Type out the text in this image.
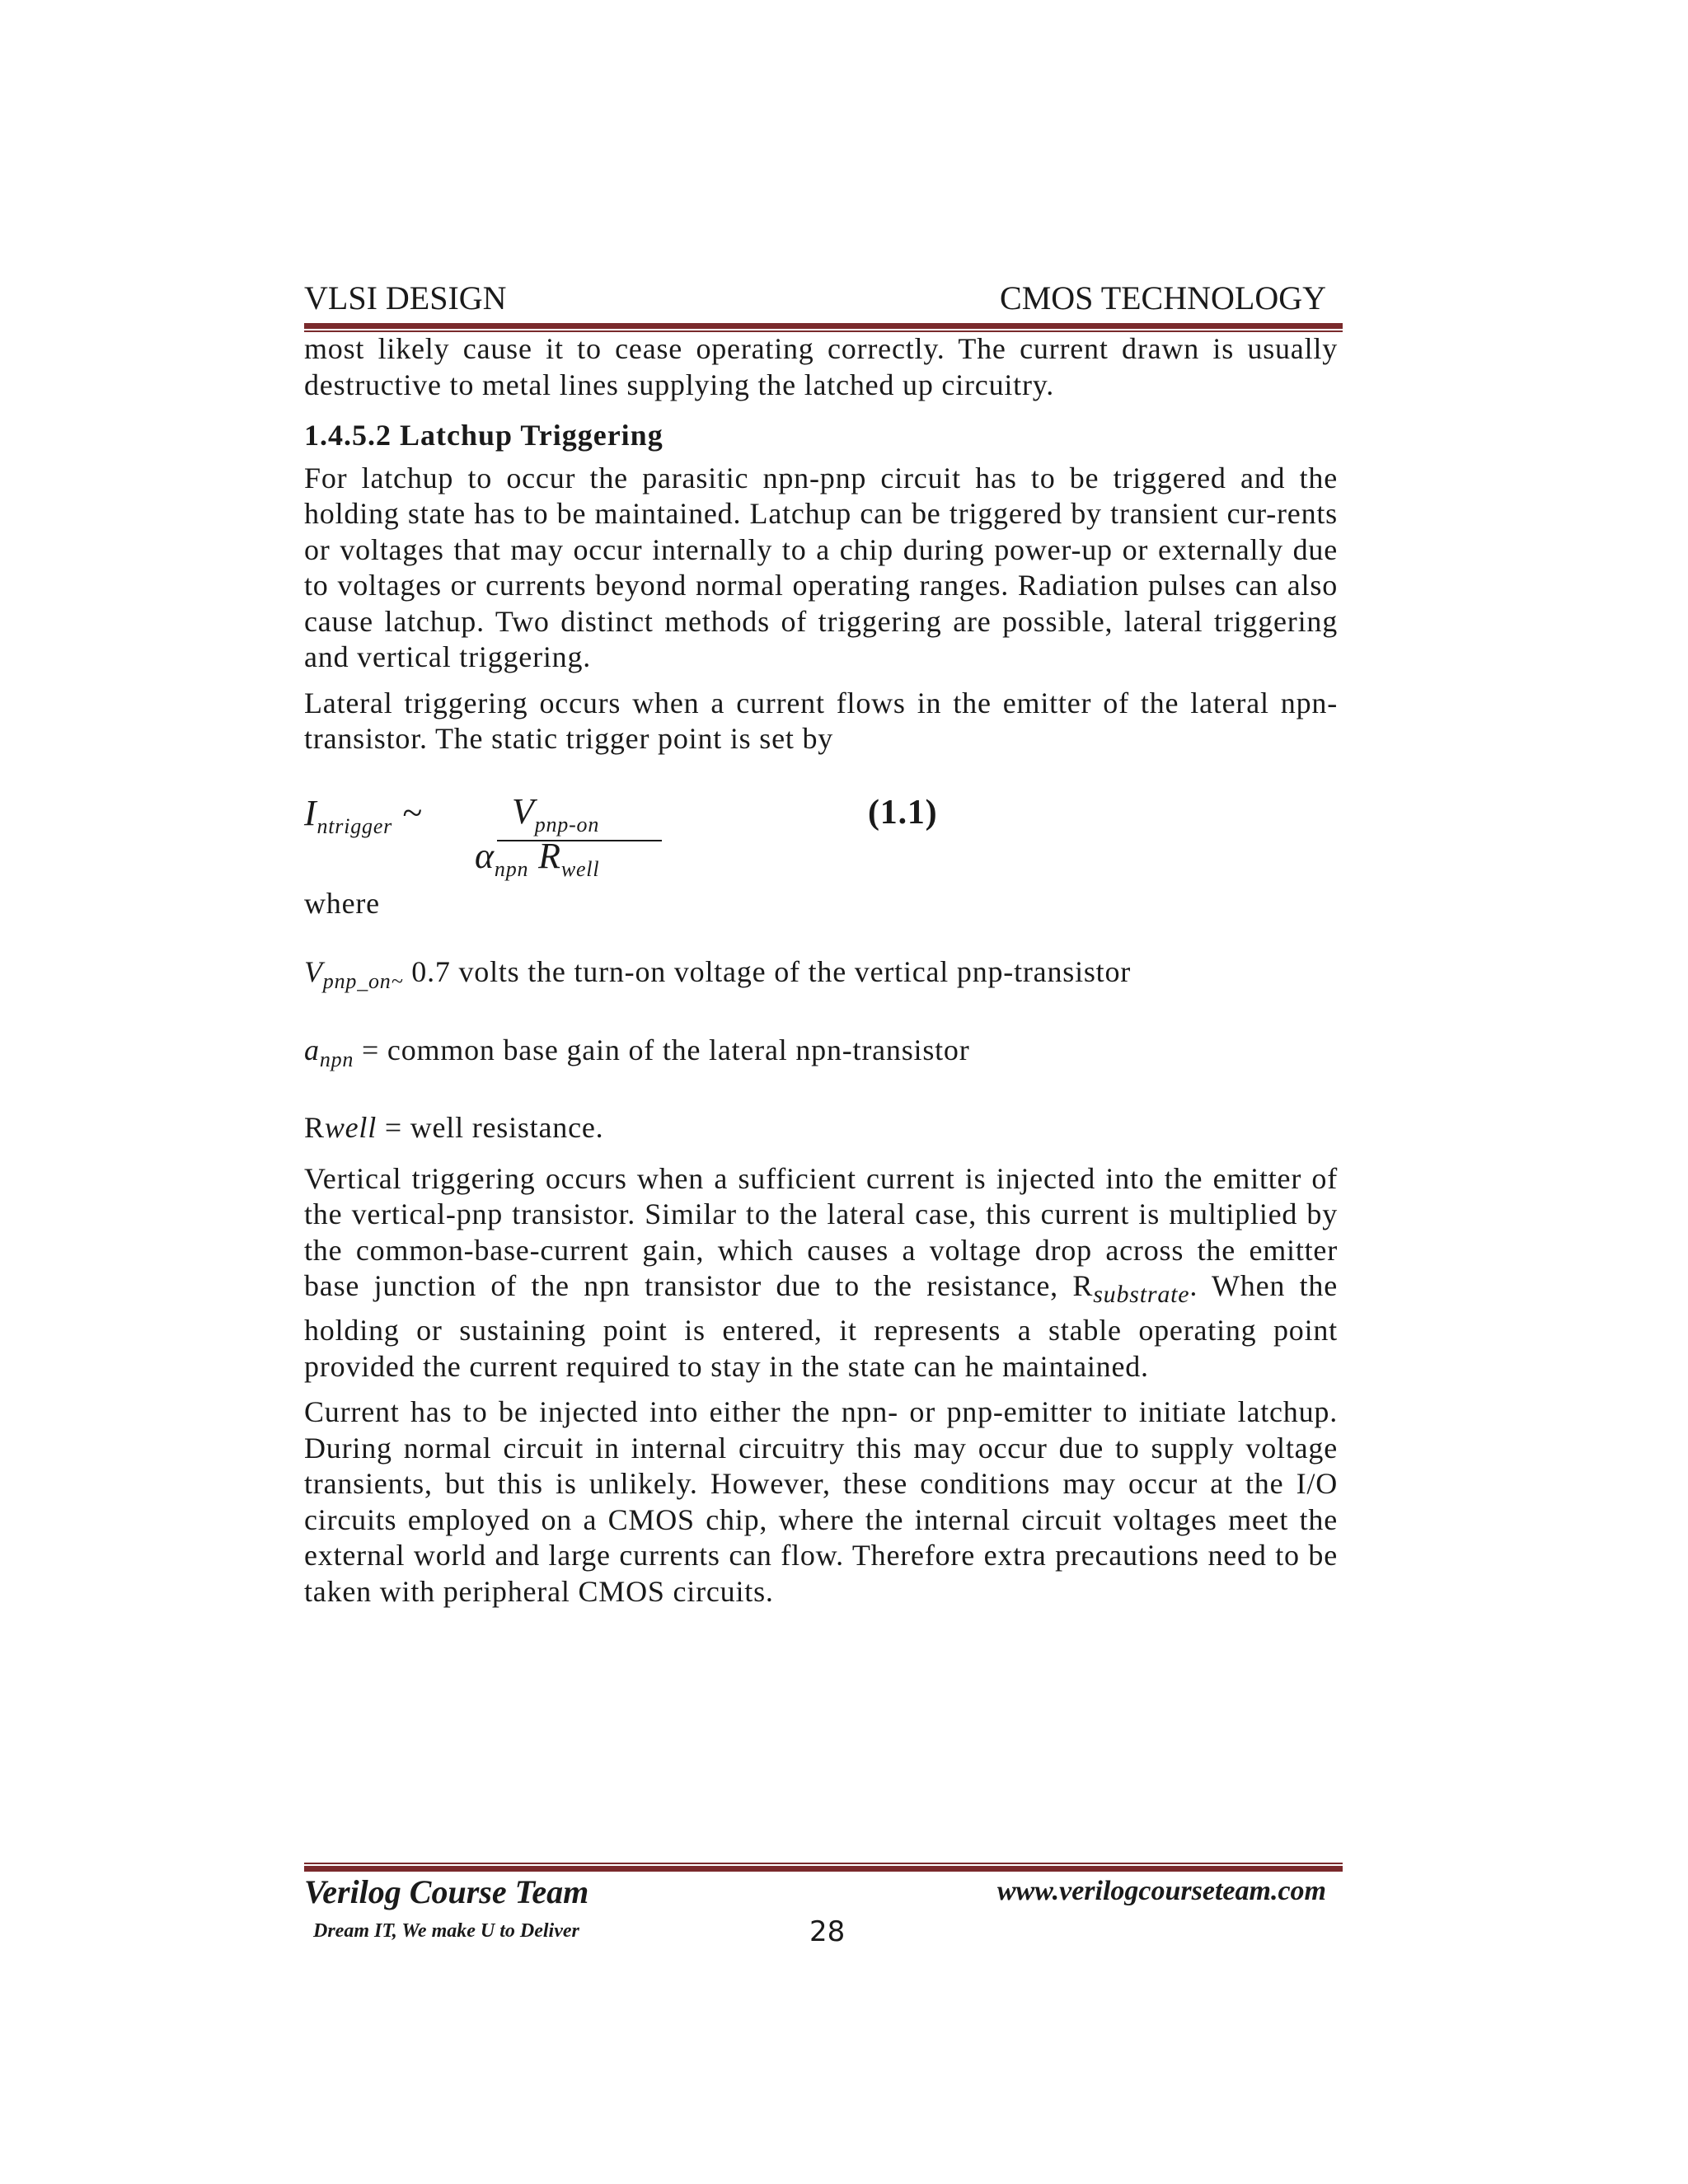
VLSI DESIGN	CMOS TECHNOLOGY

most likely cause it to cease operating correctly. The current drawn is usually destructive to metal lines supplying the latched up circuitry.

1.4.5.2 Latchup Triggering

For latchup to occur the parasitic npn-pnp circuit has to be triggered and the holding state has to be maintained. Latchup can be triggered by transient cur-rents or voltages that may occur internally to a chip during power-up or externally due to voltages or currents beyond normal operating ranges. Radiation pulses can also cause latchup. Two distinct methods of triggering are possible, lateral triggering and vertical triggering.

Lateral triggering occurs when a current flows in the emitter of the lateral npn-transistor. The static trigger point is set by

$I_{ntrigger}$ ~ $V_{pnp-on}$
$\alpha_{npn}$ $R_{well}$
(1.1)
where
$V_{pnp\_on\sim}$ 0.7 volts the turn-on voltage of the vertical pnp-transistor
$a_{npn}$ = common base gain of the lateral npn-transistor
Rwell = well resistance.

Vertical triggering occurs when a sufficient current is injected into the emitter of the vertical-pnp transistor. Similar to the lateral case, this current is multiplied by the common-base-current gain, which causes a voltage drop across the emitter base junction of the npn transistor due to the resistance, $R_{substrate}$. When the holding or sustaining point is entered, it represents a stable operating point provided the current required to stay in the state can he maintained.

Current has to be injected into either the npn- or pnp-emitter to initiate latchup. During normal circuit in internal circuitry this may occur due to supply voltage transients, but this is unlikely. However, these conditions may occur at the I/O circuits employed on a CMOS chip, where the internal circuit voltages meet the external world and large currents can flow. Therefore extra precautions need to be taken with peripheral CMOS circuits.

Verilog Course Team	www.verilogcourseteam.com
Dream IT, We make U to Deliver	28
